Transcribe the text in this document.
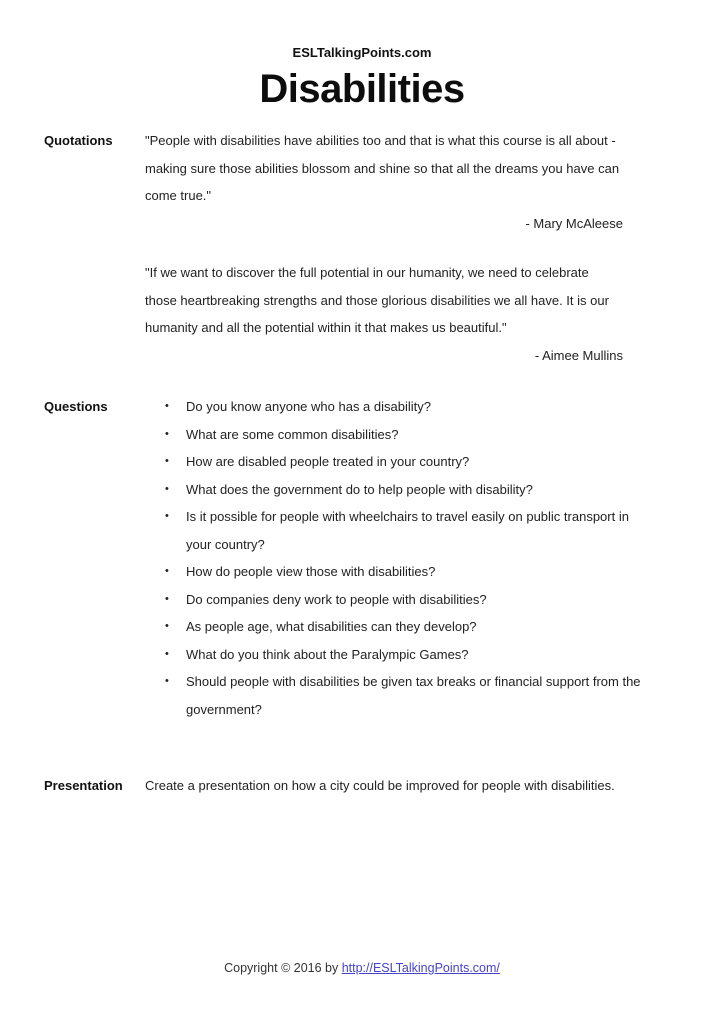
ESLTalkingPoints.com
Disabilities
Quotations	"People with disabilities have abilities too and that is what this course is all about - making sure those abilities blossom and shine so that all the dreams you have can come true."
- Mary McAleese
"If we want to discover the full potential in our humanity, we need to celebrate those heartbreaking strengths and those glorious disabilities we all have. It is our humanity and all the potential within it that makes us beautiful."
- Aimee Mullins
Questions	•	Do you know anyone who has a disability?
•	What are some common disabilities?
•	How are disabled people treated in your country?
•	What does the government do to help people with disability?
•	Is it possible for people with wheelchairs to travel easily on public transport in your country?
•	How do people view those with disabilities?
•	Do companies deny work to people with disabilities?
•	As people age, what disabilities can they develop?
•	What do you think about the Paralympic Games?
•	Should people with disabilities be given tax breaks or financial support from the government?
Presentation	Create a presentation on how a city could be improved for people with disabilities.
Copyright © 2016 by http://ESLTalkingPoints.com/
